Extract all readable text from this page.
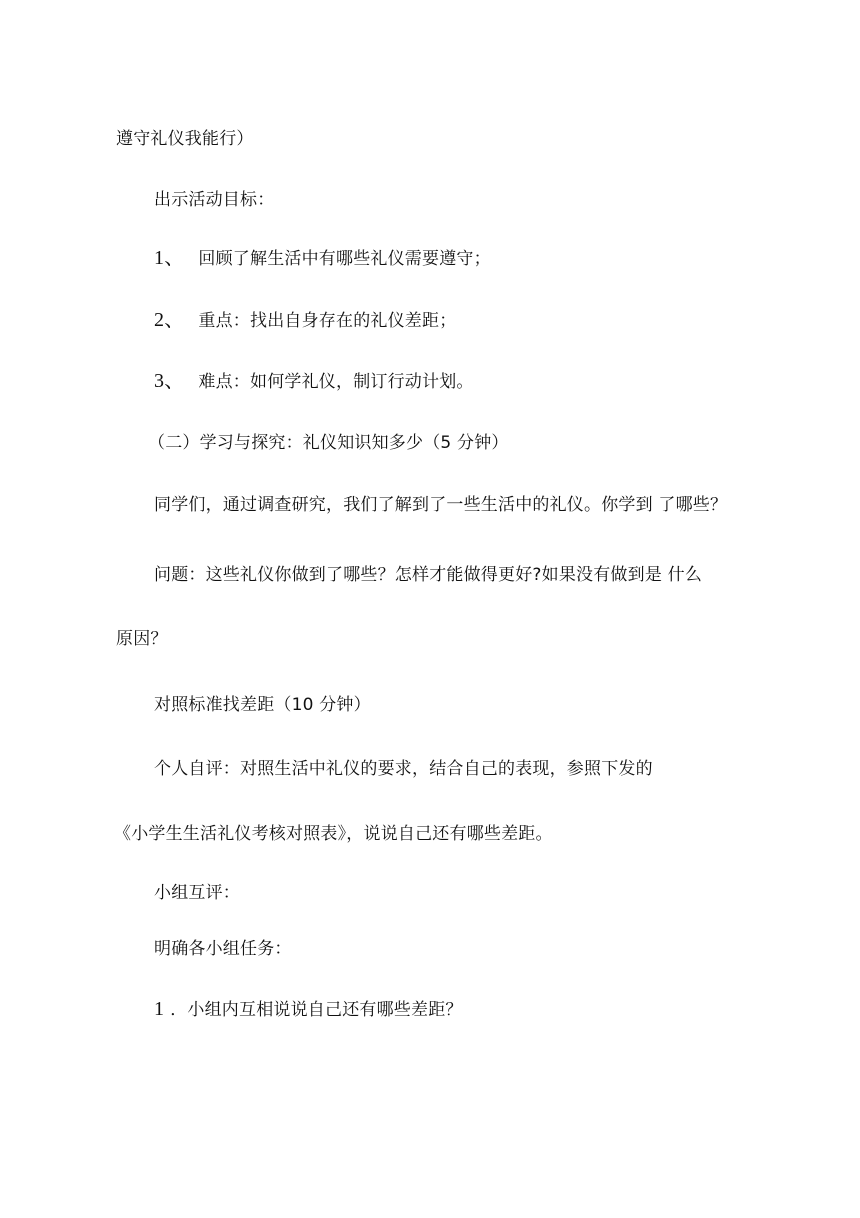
遵守礼仪我能行）
出示活动目标：
1、 回顾了解生活中有哪些礼仪需要遵守；
2、 重点：找出自身存在的礼仪差距；
3、 难点：如何学礼仪，制订行动计划。
（二）学习与探究：礼仪知识知多少（5 分钟）
同学们，通过调查研究，我们了解到了一些生活中的礼仪。你学到 了哪些？
问题：这些礼仪你做到了哪些？怎样才能做得更好?如果没有做到是 什么
原因？
对照标准找差距（10 分钟）
个人自评：对照生活中礼仪的要求，结合自己的表现，参照下发的
《小学生生活礼仪考核对照表》，说说自己还有哪些差距。
小组互评：
明确各小组任务：
1 ．小组内互相说说自己还有哪些差距？
